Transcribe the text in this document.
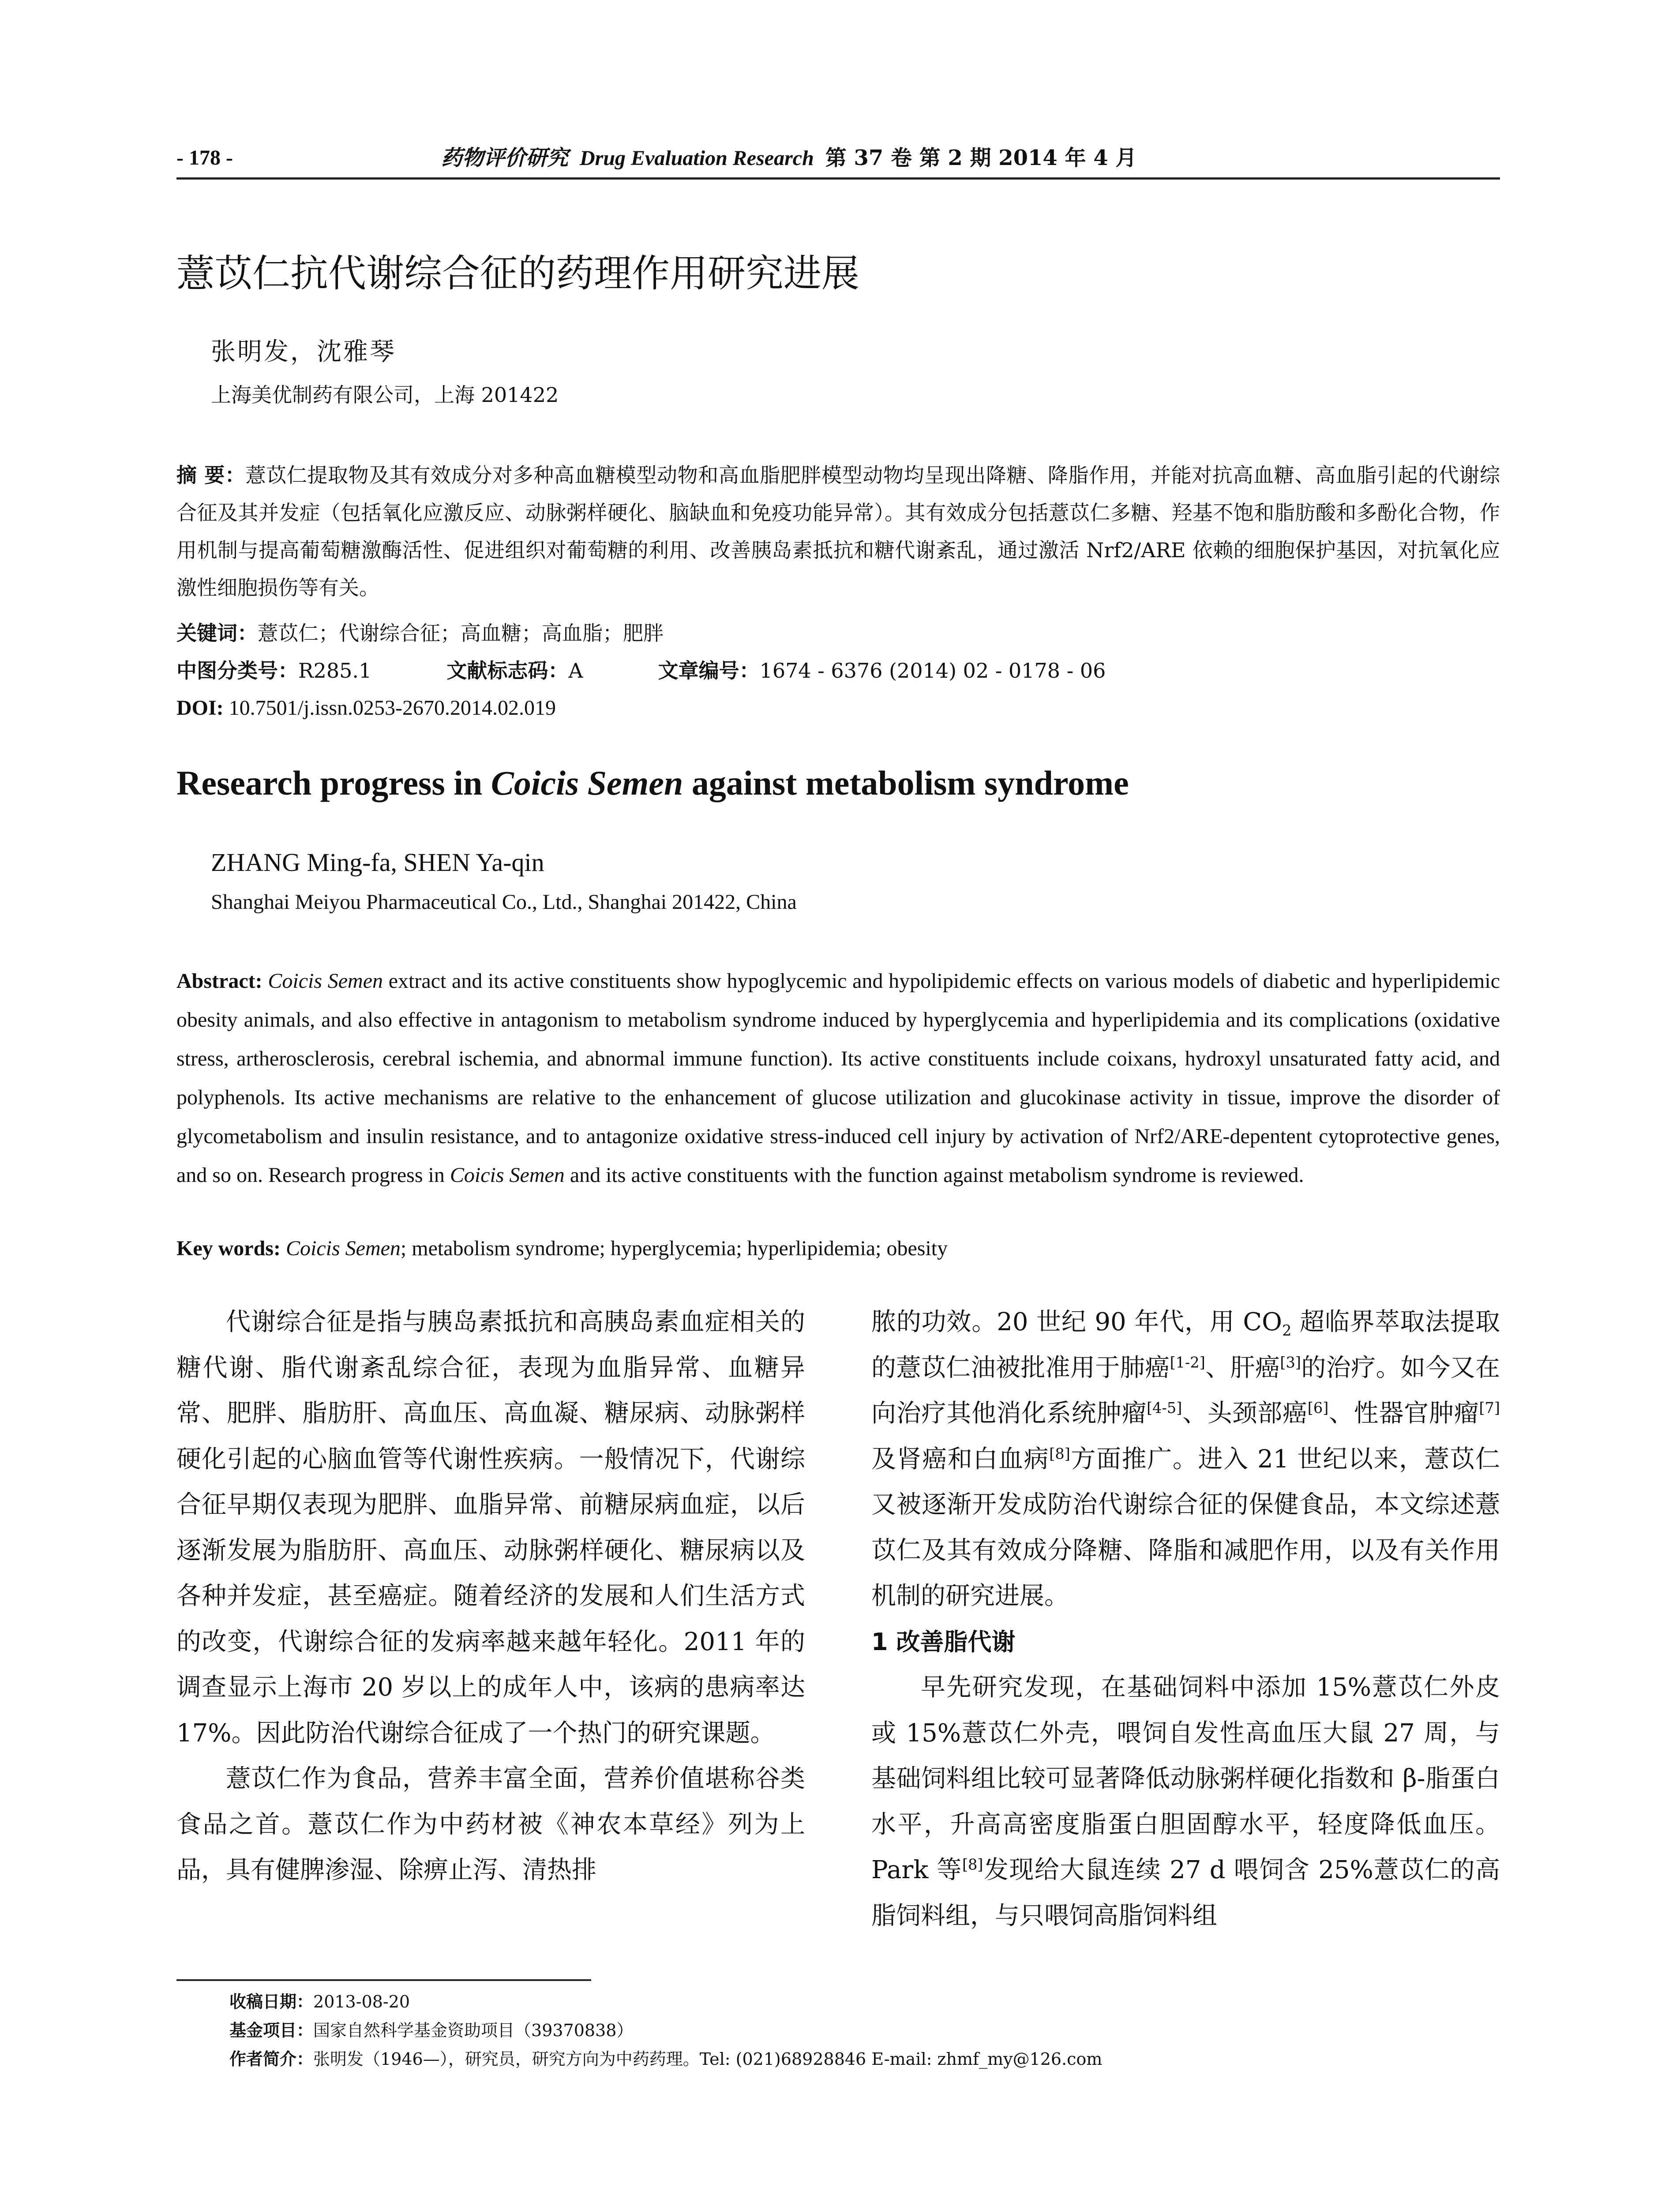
- 178 -	药物评价研究 Drug Evaluation Research 第 37 卷 第 2 期 2014 年 4 月
薏苡仁抗代谢综合征的药理作用研究进展
张明发，沈雅琴
上海美优制药有限公司，上海 201422
摘 要：薏苡仁提取物及其有效成分对多种高血糖模型动物和高血脂肥胖模型动物均呈现出降糖、降脂作用，并能对抗高血糖、高血脂引起的代谢综合征及其并发症（包括氧化应激反应、动脉粥样硬化、脑缺血和免疫功能异常）。其有效成分包括薏苡仁多糖、羟基不饱和脂肪酸和多酚化合物，作用机制与提高葡萄糖激酶活性、促进组织对葡萄糖的利用、改善胰岛素抵抗和糖代谢紊乱，通过激活 Nrf2/ARE 依赖的细胞保护基因，对抗氧化应激性细胞损伤等有关。
关键词：薏苡仁；代谢综合征；高血糖；高血脂；肥胖
中图分类号：R285.1	文献标志码：A	文章编号：1674 - 6376 (2014) 02 - 0178 - 06
DOI: 10.7501/j.issn.0253-2670.2014.02.019
Research progress in Coicis Semen against metabolism syndrome
ZHANG Ming-fa, SHEN Ya-qin
Shanghai Meiyou Pharmaceutical Co., Ltd., Shanghai 201422, China
Abstract: Coicis Semen extract and its active constituents show hypoglycemic and hypolipidemic effects on various models of diabetic and hyperlipidemic obesity animals, and also effective in antagonism to metabolism syndrome induced by hyperglycemia and hyperlipidemia and its complications (oxidative stress, artherosclerosis, cerebral ischemia, and abnormal immune function). Its active constituents include coixans, hydroxyl unsaturated fatty acid, and polyphenols. Its active mechanisms are relative to the enhancement of glucose utilization and glucokinase activity in tissue, improve the disorder of glycometabolism and insulin resistance, and to antagonize oxidative stress-induced cell injury by activation of Nrf2/ARE-depentent cytoprotective genes, and so on. Research progress in Coicis Semen and its active constituents with the function against metabolism syndrome is reviewed.
Key words: Coicis Semen; metabolism syndrome; hyperglycemia; hyperlipidemia; obesity

代谢综合征是指与胰岛素抵抗和高胰岛素血症相关的糖代谢、脂代谢紊乱综合征，表现为血脂异常、血糖异常、肥胖、脂肪肝、高血压、高血凝、糖尿病、动脉粥样硬化引起的心脑血管等代谢性疾病。一般情况下，代谢综合征早期仅表现为肥胖、血脂异常、前糖尿病血症，以后逐渐发展为脂肪肝、高血压、动脉粥样硬化、糖尿病以及各种并发症，甚至癌症。随着经济的发展和人们生活方式的改变，代谢综合征的发病率越来越年轻化。2011 年的调查显示上海市 20 岁以上的成年人中，该病的患病率达 17%。因此防治代谢综合征成了一个热门的研究课题。

薏苡仁作为食品，营养丰富全面，营养价值堪称谷类食品之首。薏苡仁作为中药材被《神农本草经》列为上品，具有健脾渗湿、除痹止泻、清热排

脓的功效。20 世纪 90 年代，用 $CO_2$ 超临界萃取法提取的薏苡仁油被批准用于肺癌[1-2]、肝癌[3]的治疗。如今又在向治疗其他消化系统肿瘤[4-5]、头颈部癌[6]、性器官肿瘤[7]及肾癌和白血病[8]方面推广。进入 21 世纪以来，薏苡仁又被逐渐开发成防治代谢综合征的保健食品，本文综述薏苡仁及其有效成分降糖、降脂和减肥作用，以及有关作用机制的研究进展。

1 改善脂代谢

早先研究发现，在基础饲料中添加 15%薏苡仁外皮或 15%薏苡仁外壳，喂饲自发性高血压大鼠 27 周，与基础饲料组比较可显著降低动脉粥样硬化指数和 β-脂蛋白水平，升高高密度脂蛋白胆固醇水平，轻度降低血压。Park 等[8]发现给大鼠连续 27 d 喂饲含 25%薏苡仁的高脂饲料组，与只喂饲高脂饲料组

收稿日期：2013-08-20
基金项目：国家自然科学基金资助项目（39370838）
作者简介：张明发（1946—），研究员，研究方向为中药药理。Tel: (021)68928846 E-mail: zhmf_my@126.com
